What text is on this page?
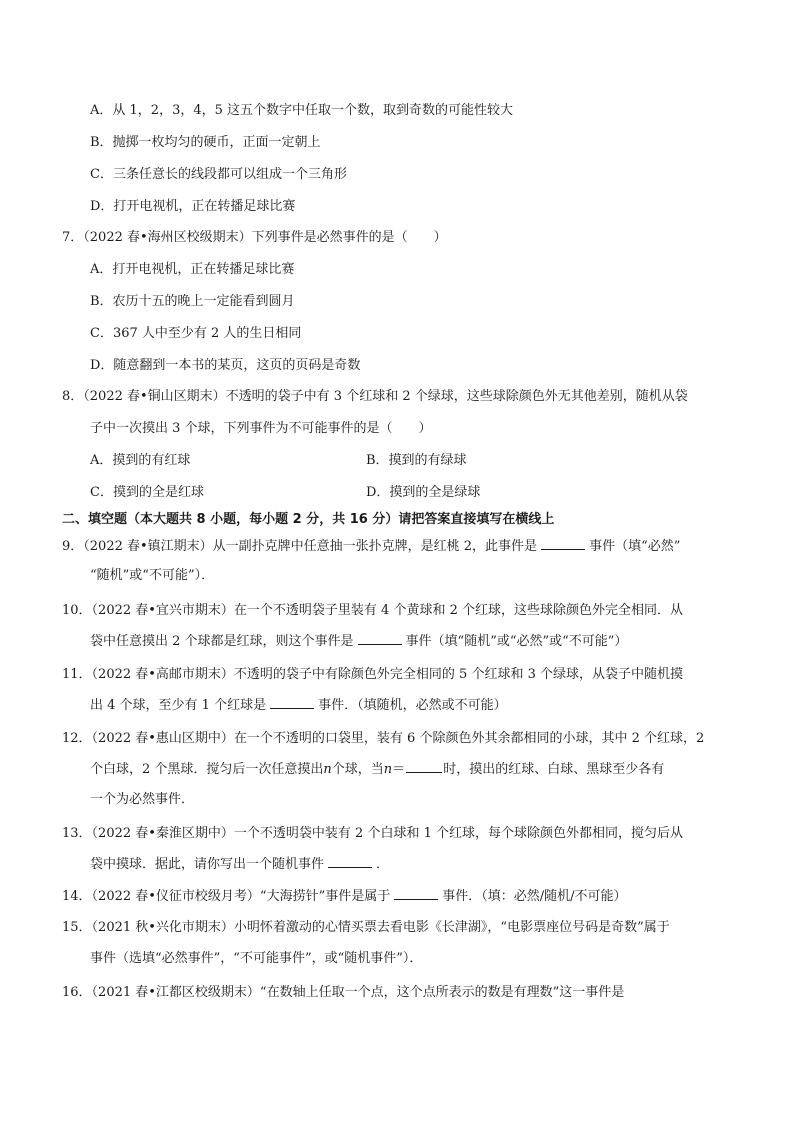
A．从 1，2，3，4，5 这五个数字中任取一个数，取到奇数的可能性较大
B．抛掷一枚均匀的硬币，正面一定朝上
C．三条任意长的线段都可以组成一个三角形
D．打开电视机，正在转播足球比赛
7．（2022 春•海州区校级期末）下列事件是必然事件的是（　　）
A．打开电视机，正在转播足球比赛
B．农历十五的晚上一定能看到圆月
C．367 人中至少有 2 人的生日相同
D．随意翻到一本书的某页，这页的页码是奇数
8．（2022 春•铜山区期末）不透明的袋子中有 3 个红球和 2 个绿球，这些球除颜色外无其他差别，随机从袋
子中一次摸出 3 个球，下列事件为不可能事件的是（　　）
A．摸到的有红球	B．摸到的有绿球
C．摸到的全是红球	D．摸到的全是绿球
二、填空题（本大题共 8 小题，每小题 2 分，共 16 分）请把答案直接填写在横线上
9．（2022 春•镇江期末）从一副扑克牌中任意抽一张扑克牌，是红桃 2，此事件是	事件（填“必然”
“随机”或“不可能”）．
10．（2022 春•宜兴市期末）在一个不透明袋子里装有 4 个黄球和 2 个红球，这些球除颜色外完全相同．从
袋中任意摸出 2 个球都是红球，则这个事件是	事件（填“随机”或“必然”或“不可能”）
11．（2022 春•高邮市期末）不透明的袋子中有除颜色外完全相同的 5 个红球和 3 个绿球，从袋子中随机摸
出 4 个球，至少有 1 个红球是	事件．（填随机，必然或不可能）
12．（2022 春•惠山区期中）在一个不透明的口袋里，装有 6 个除颜色外其余都相同的小球，其中 2 个红球，2
个白球，2 个黑球．搅匀后一次任意摸出n个球，当n＝	时，摸出的红球、白球、黑球至少各有
一个为必然事件．
13．（2022 春•秦淮区期中）一个不透明袋中装有 2 个白球和 1 个红球，每个球除颜色外都相同，搅匀后从
袋中摸球．据此，请你写出一个随机事件	．
14．（2022 春•仪征市校级月考）“大海捞针”事件是属于	事件．（填：必然/随机/不可能）
15．（2021 秋•兴化市期末）小明怀着激动的心情买票去看电影《长津湖》，“电影票座位号码是奇数”属于
事件（选填“必然事件”，“不可能事件”，或“随机事件”）．
16．（2021 春•江都区校级期末）“在数轴上任取一个点，这个点所表示的数是有理数”这一事件是
